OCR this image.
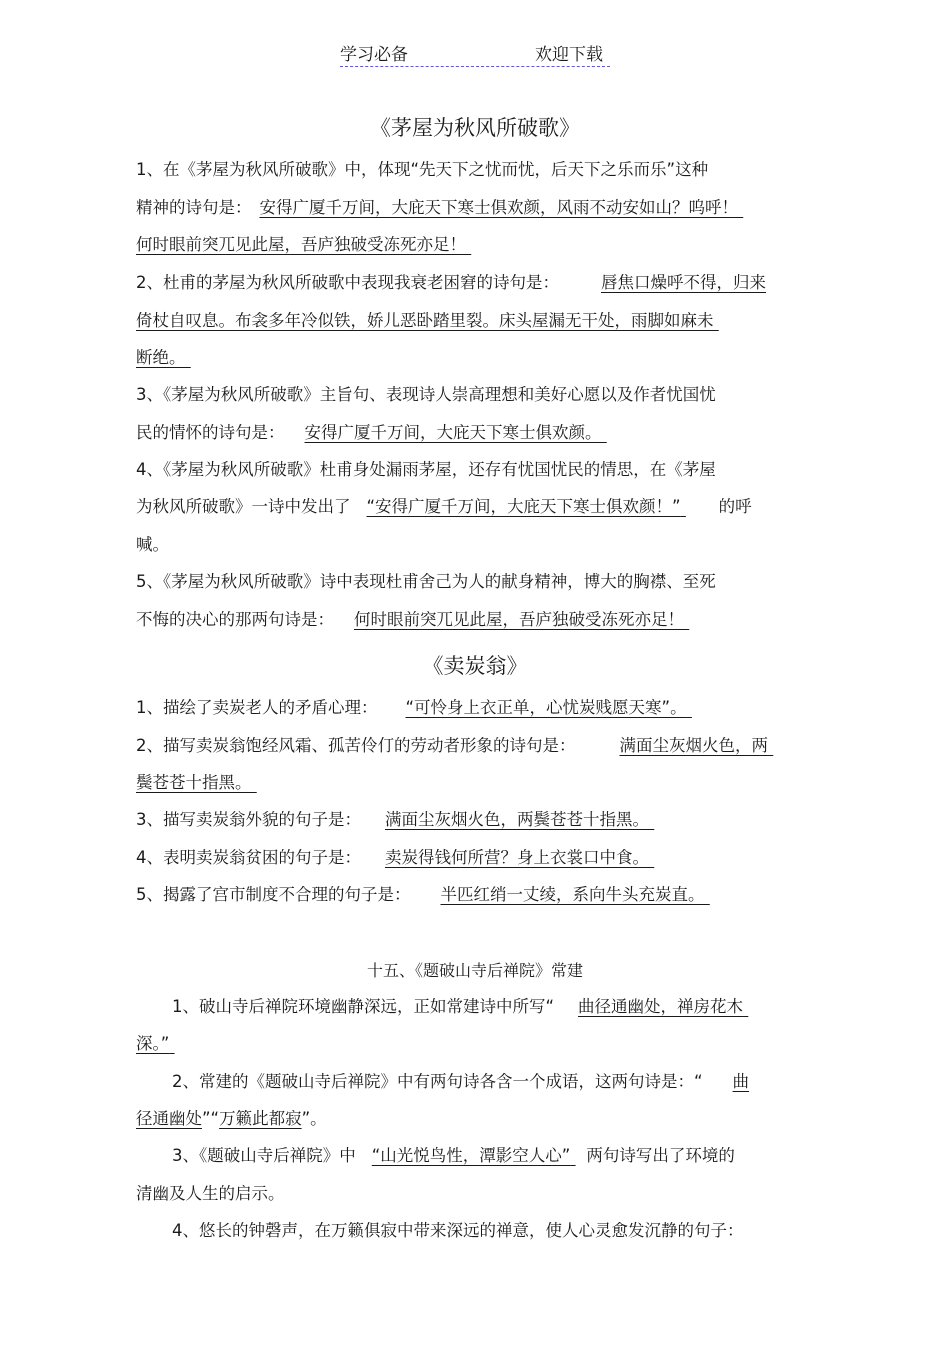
学习必备	欢迎下载
《茅屋为秋风所破歌》
1、在《茅屋为秋风所破歌》中，体现“先天下之忧而忧，后天下之乐而乐”这种
精神的诗句是： 安得广厦千万间，大庇天下寒士俱欢颜，风雨不动安如山？呜呼！
何时眼前突兀见此屋，吾庐独破受冻死亦足！
2、杜甫的茅屋为秋风所破歌中表现我衰老困窘的诗句是：	唇焦口燥呼不得，归来
倚杖自叹息。布衾多年冷似铁，娇儿恶卧踏里裂。床头屋漏无干处，雨脚如麻未
断绝。
3、《茅屋为秋风所破歌》主旨句、表现诗人崇高理想和美好心愿以及作者忧国忧
民的情怀的诗句是： 安得广厦千万间，大庇天下寒士俱欢颜。
4、《茅屋为秋风所破歌》杜甫身处漏雨茅屋，还存有忧国忧民的情思，在《茅屋
为秋风所破歌》一诗中发出了 “安得广厦千万间，大庇天下寒士俱欢颜！” 的呼
喊。
5、《茅屋为秋风所破歌》诗中表现杜甫舍己为人的献身精神，博大的胸襟、至死
不悔的决心的那两句诗是： 何时眼前突兀见此屋，吾庐独破受冻死亦足！
《卖炭翁》
1、描绘了卖炭老人的矛盾心理： “可怜身上衣正单，心忧炭贱愿天寒”。
2、描写卖炭翁饱经风霜、孤苦伶仃的劳动者形象的诗句是：	满面尘灰烟火色，两
鬓苍苍十指黑。
3、描写卖炭翁外貌的句子是： 满面尘灰烟火色，两鬓苍苍十指黑。
4、表明卖炭翁贫困的句子是： 卖炭得钱何所营？身上衣裳口中食。
5、揭露了宫市制度不合理的句子是： 半匹红绡一丈绫，系向牛头充炭直。
十五、《题破山寺后禅院》常建
1、破山寺后禅院环境幽静深远，正如常建诗中所写“ 曲径通幽处，禅房花木
深。”
2、常建的《题破山寺后禅院》中有两句诗各含一个成语，这两句诗是：“ 曲
径通幽处”“万籁此都寂”。
3、《题破山寺后禅院》中 “山光悦鸟性，潭影空人心” 两句诗写出了环境的
清幽及人生的启示。
4、悠长的钟磬声，在万籁俱寂中带来深远的禅意，使人心灵愈发沉静的句子：
